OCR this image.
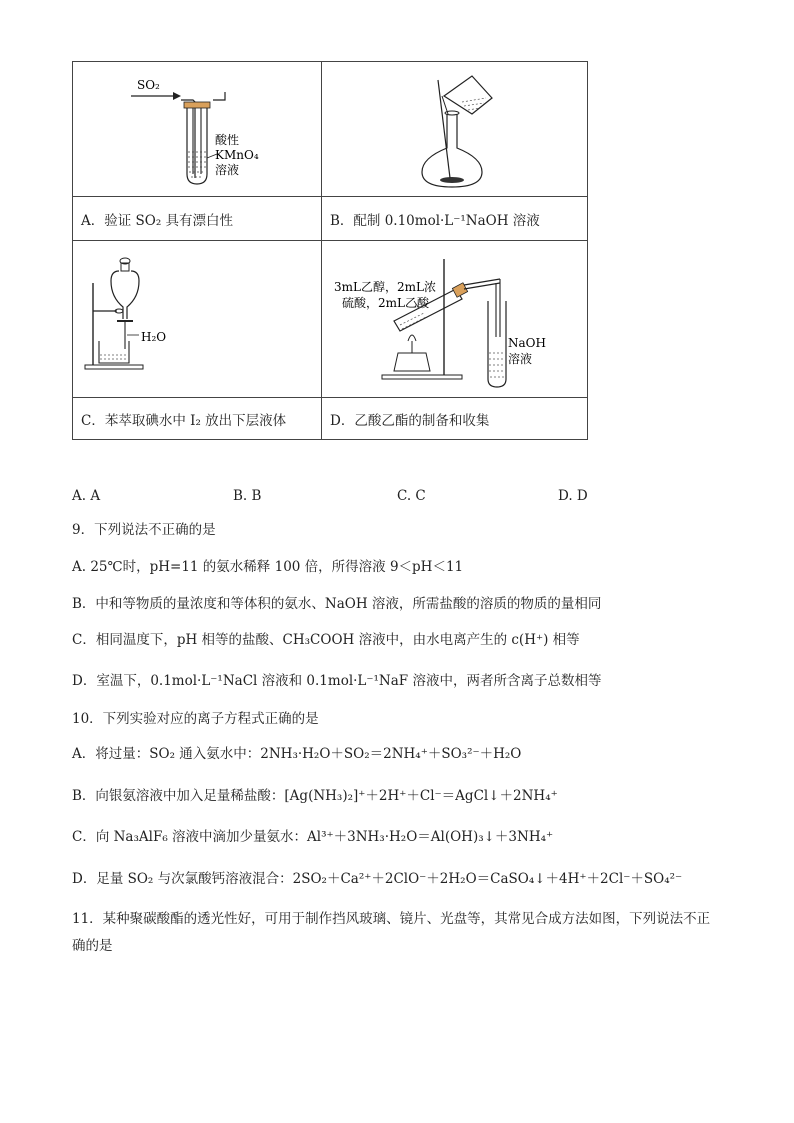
SO₂
酸性
KMnO₄
溶液

A．验证 SO₂ 具有漂白性	B．配制 0.10mol·L⁻¹NaOH 溶液

H₂O	3mL乙醇，2mL浓
硫酸，2mL乙酸
NaOH
溶液

C．苯萃取碘水中 I₂ 放出下层液体	D．乙酸乙酯的制备和收集
A. A	B. B	C. C	D. D
9．下列说法不正确的是
A. 25℃时，pH=11 的氨水稀释 100 倍，所得溶液 9＜pH＜11
B．中和等物质的量浓度和等体积的氨水、NaOH 溶液，所需盐酸的溶质的物质的量相同
C．相同温度下，pH 相等的盐酸、CH₃COOH 溶液中，由水电离产生的 c(H⁺) 相等
D．室温下，0.1mol·L⁻¹NaCl 溶液和 0.1mol·L⁻¹NaF 溶液中，两者所含离子总数相等
10．下列实验对应的离子方程式正确的是
A．将过量：SO₂ 通入氨水中：2NH₃·H₂O＋SO₂＝2NH₄⁺＋SO₃²⁻＋H₂O
B．向银氨溶液中加入足量稀盐酸：[Ag(NH₃)₂]⁺＋2H⁺＋Cl⁻＝AgCl↓＋2NH₄⁺
C．向 Na₃AlF₆ 溶液中滴加少量氨水：Al³⁺＋3NH₃·H₂O＝Al(OH)₃↓＋3NH₄⁺
D．足量 SO₂ 与次氯酸钙溶液混合：2SO₂＋Ca²⁺＋2ClO⁻＋2H₂O＝CaSO₄↓＋4H⁺＋2Cl⁻＋SO₄²⁻
11．某种聚碳酸酯的透光性好，可用于制作挡风玻璃、镜片、光盘等，其常见合成方法如图，下列说法不正
确的是
